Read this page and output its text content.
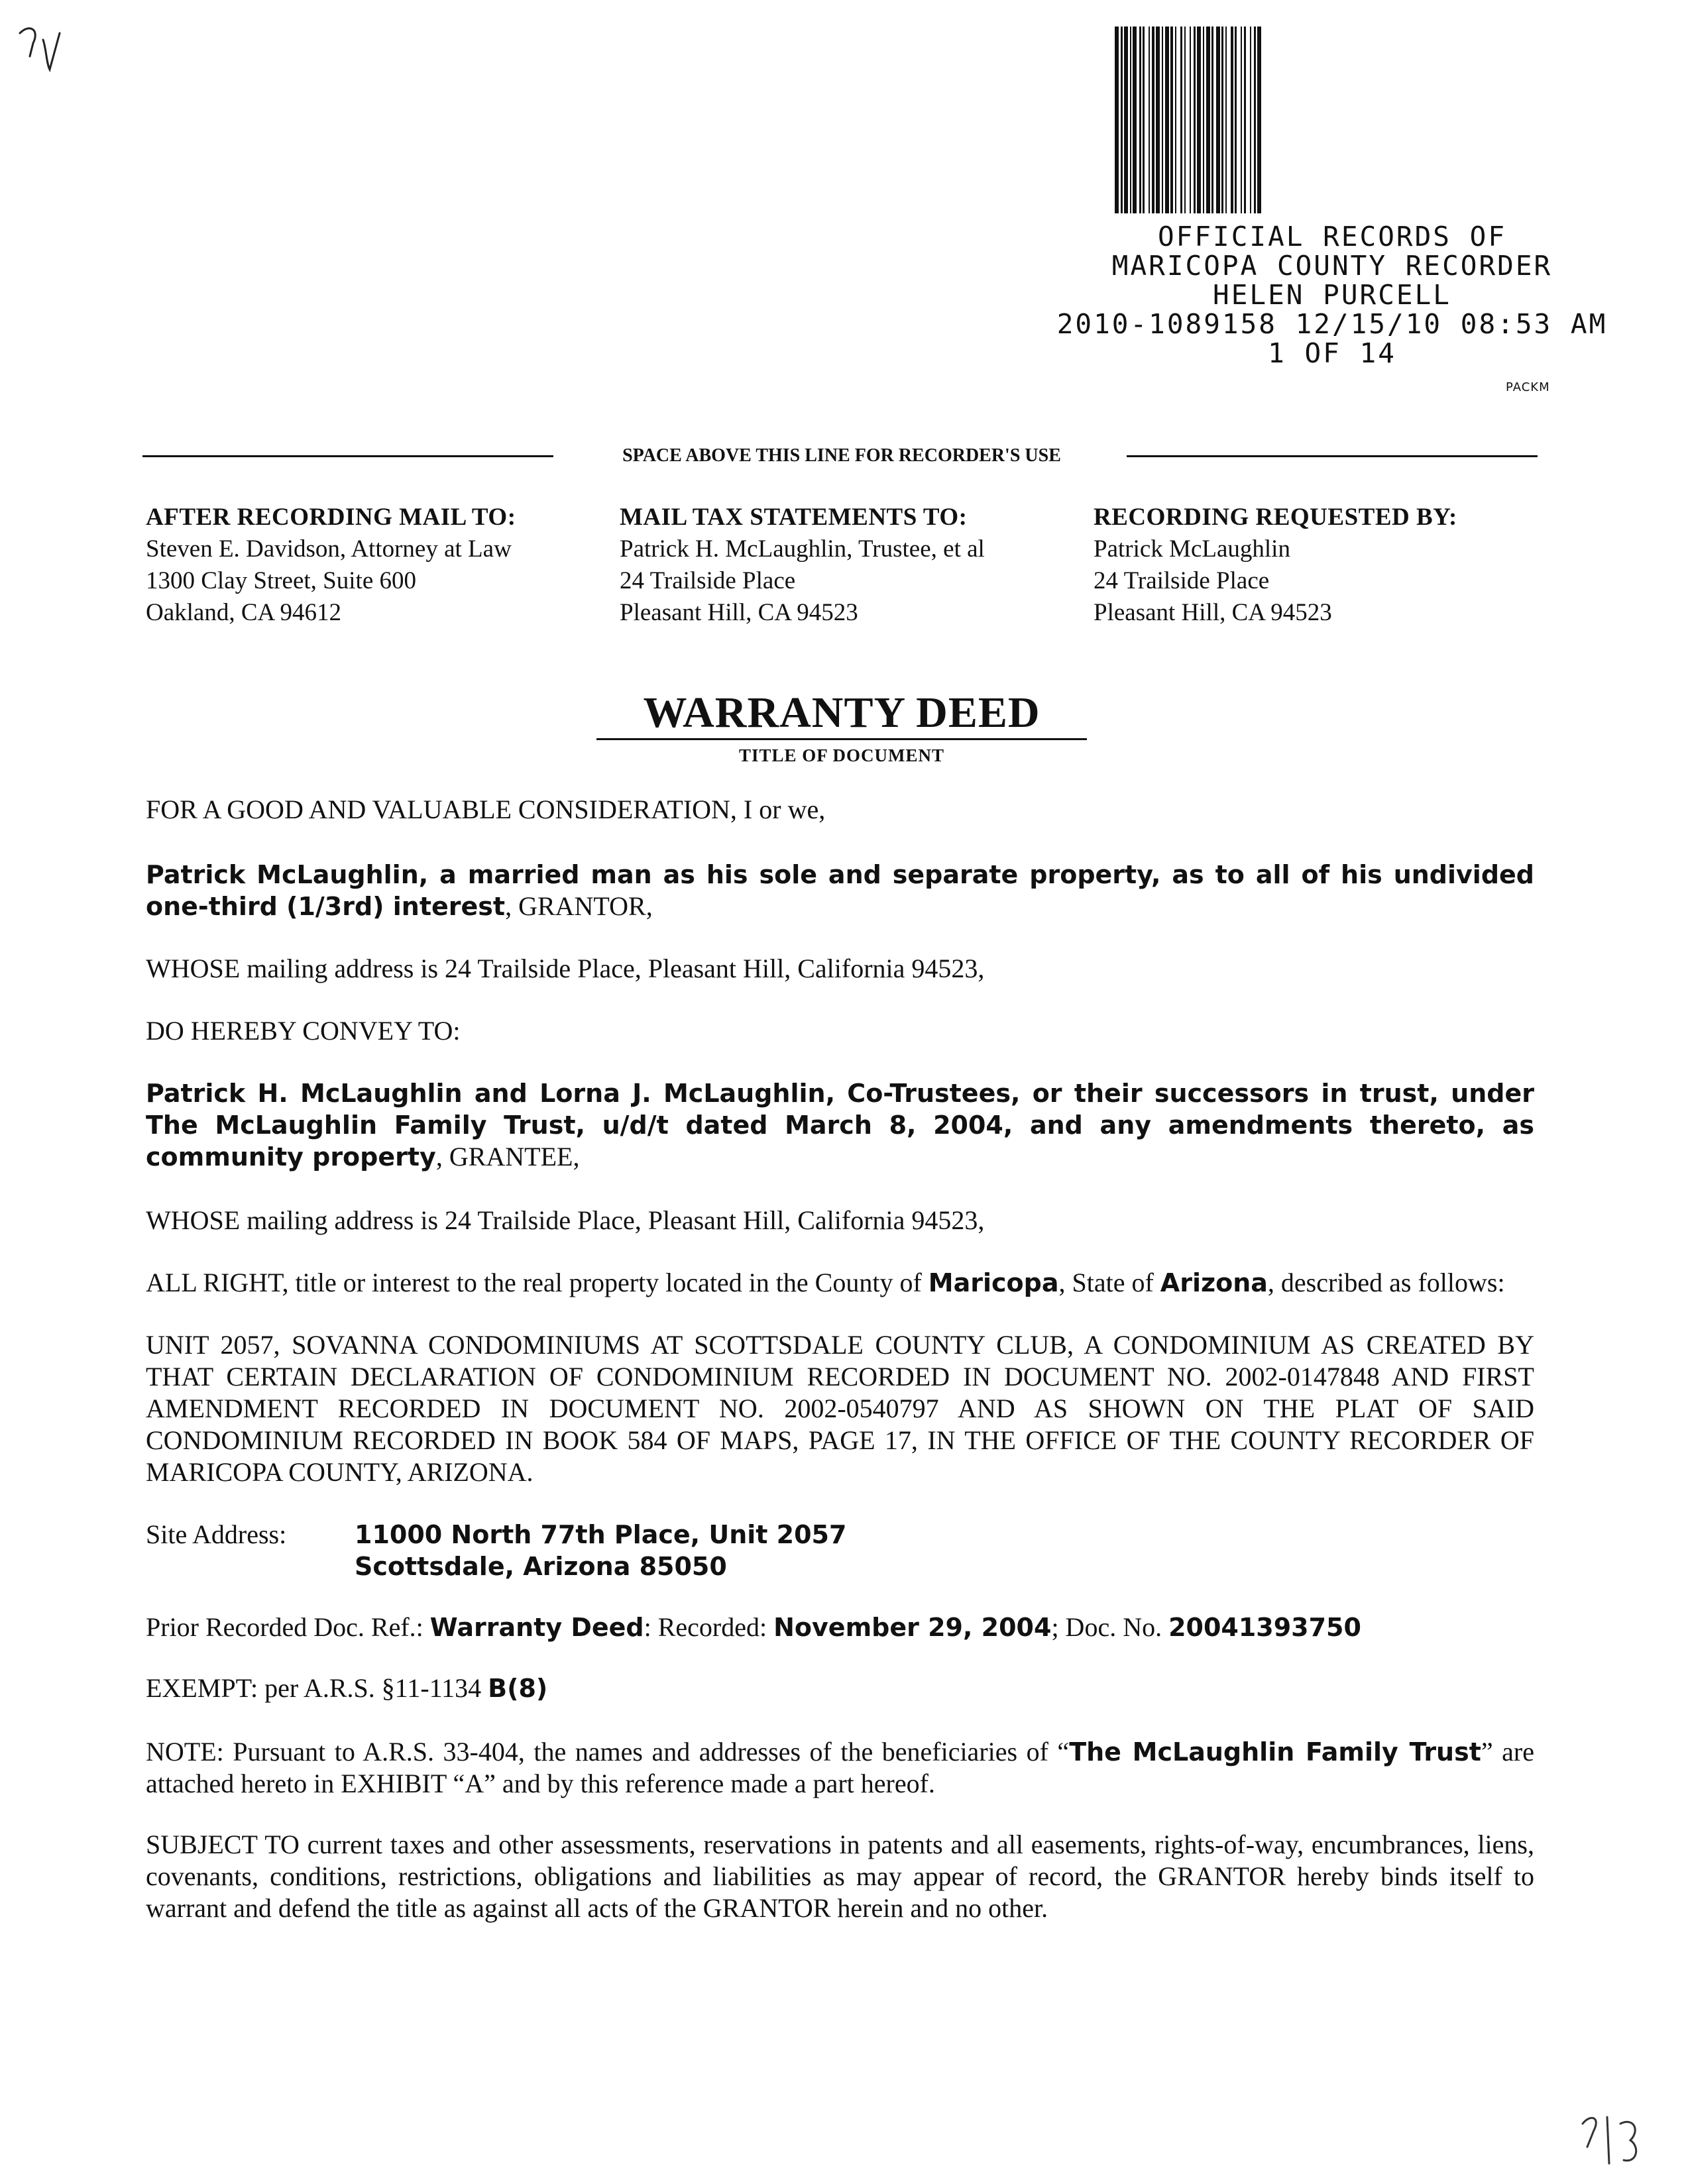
OFFICIAL RECORDS OF
MARICOPA COUNTY RECORDER
HELEN PURCELL
2010-1089158 12/15/10 08:53 AM
1 OF 14
PACKM
SPACE ABOVE THIS LINE FOR RECORDER'S USE
AFTER RECORDING MAIL TO:
Steven E. Davidson, Attorney at Law
1300 Clay Street, Suite 600
Oakland, CA 94612
MAIL TAX STATEMENTS TO:
Patrick H. McLaughlin, Trustee, et al
24 Trailside Place
Pleasant Hill, CA 94523
RECORDING REQUESTED BY:
Patrick McLaughlin
24 Trailside Place
Pleasant Hill, CA 94523
WARRANTY DEED
TITLE OF DOCUMENT

FOR A GOOD AND VALUABLE CONSIDERATION, I or we,

Patrick McLaughlin, a married man as his sole and separate property, as to all of his undivided one-third (1/3rd) interest, GRANTOR,

WHOSE mailing address is 24 Trailside Place, Pleasant Hill, California 94523,

DO HEREBY CONVEY TO:

Patrick H. McLaughlin and Lorna J. McLaughlin, Co-Trustees, or their successors in trust, under The McLaughlin Family Trust, u/d/t dated March 8, 2004, and any amendments thereto, as community property, GRANTEE,

WHOSE mailing address is 24 Trailside Place, Pleasant Hill, California 94523,

ALL RIGHT, title or interest to the real property located in the County of Maricopa, State of Arizona, described as follows:

UNIT 2057, SOVANNA CONDOMINIUMS AT SCOTTSDALE COUNTY CLUB, A CONDOMINIUM AS CREATED BY THAT CERTAIN DECLARATION OF CONDOMINIUM RECORDED IN DOCUMENT NO. 2002-0147848 AND FIRST AMENDMENT RECORDED IN DOCUMENT NO. 2002-0540797 AND AS SHOWN ON THE PLAT OF SAID CONDOMINIUM RECORDED IN BOOK 584 OF MAPS, PAGE 17, IN THE OFFICE OF THE COUNTY RECORDER OF MARICOPA COUNTY, ARIZONA.

Site Address:	11000 North 77th Place, Unit 2057
Scottsdale, Arizona 85050

Prior Recorded Doc. Ref.: Warranty Deed: Recorded: November 29, 2004; Doc. No. 20041393750

EXEMPT: per A.R.S. §11-1134 B(8)

NOTE: Pursuant to A.R.S. 33-404, the names and addresses of the beneficiaries of “The McLaughlin Family Trust” are attached hereto in EXHIBIT “A” and by this reference made a part hereof.

SUBJECT TO current taxes and other assessments, reservations in patents and all easements, rights-of-way, encumbrances, liens, covenants, conditions, restrictions, obligations and liabilities as may appear of record, the GRANTOR hereby binds itself to warrant and defend the title as against all acts of the GRANTOR herein and no other.
